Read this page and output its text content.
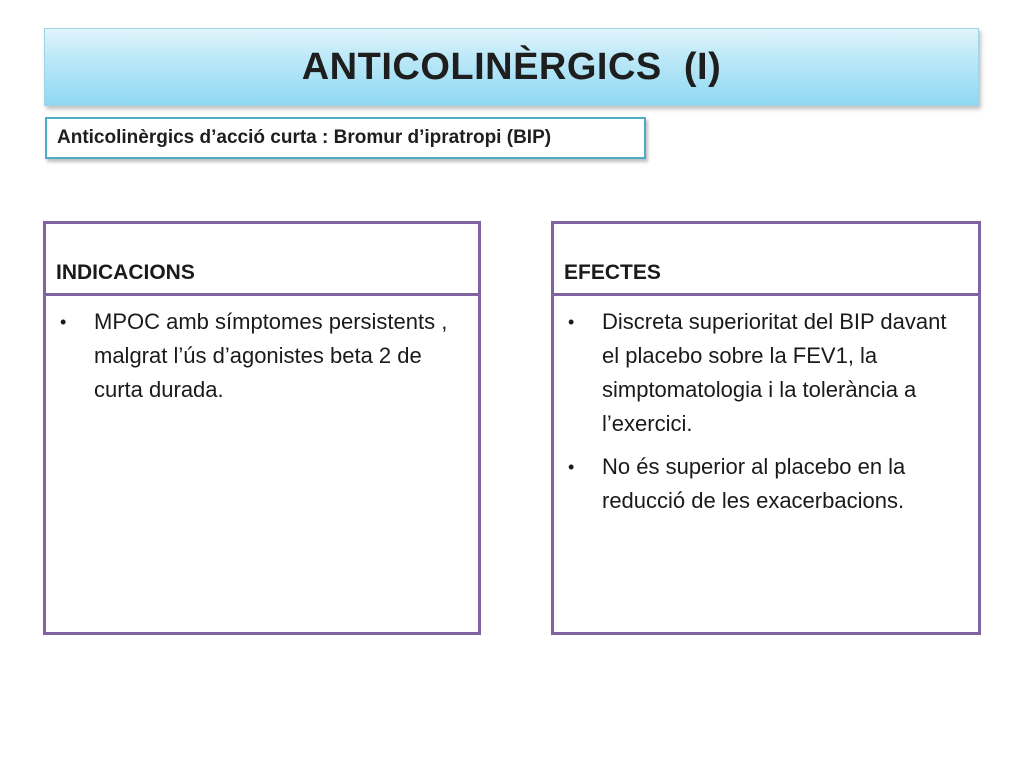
ANTICOLINÈRGICS  (I)
Anticolinèrgics d’acció curta : Bromur d’ipratropi (BIP)
INDICACIONS
•	MPOC amb símptomes persistents , malgrat l’ús d’agonistes beta 2 de curta durada.
EFECTES
•	Discreta superioritat del BIP davant el placebo sobre la FEV1, la simptomatologia i la tolerància a l’exercici.
•	No és superior al placebo en la reducció de les exacerbacions.
